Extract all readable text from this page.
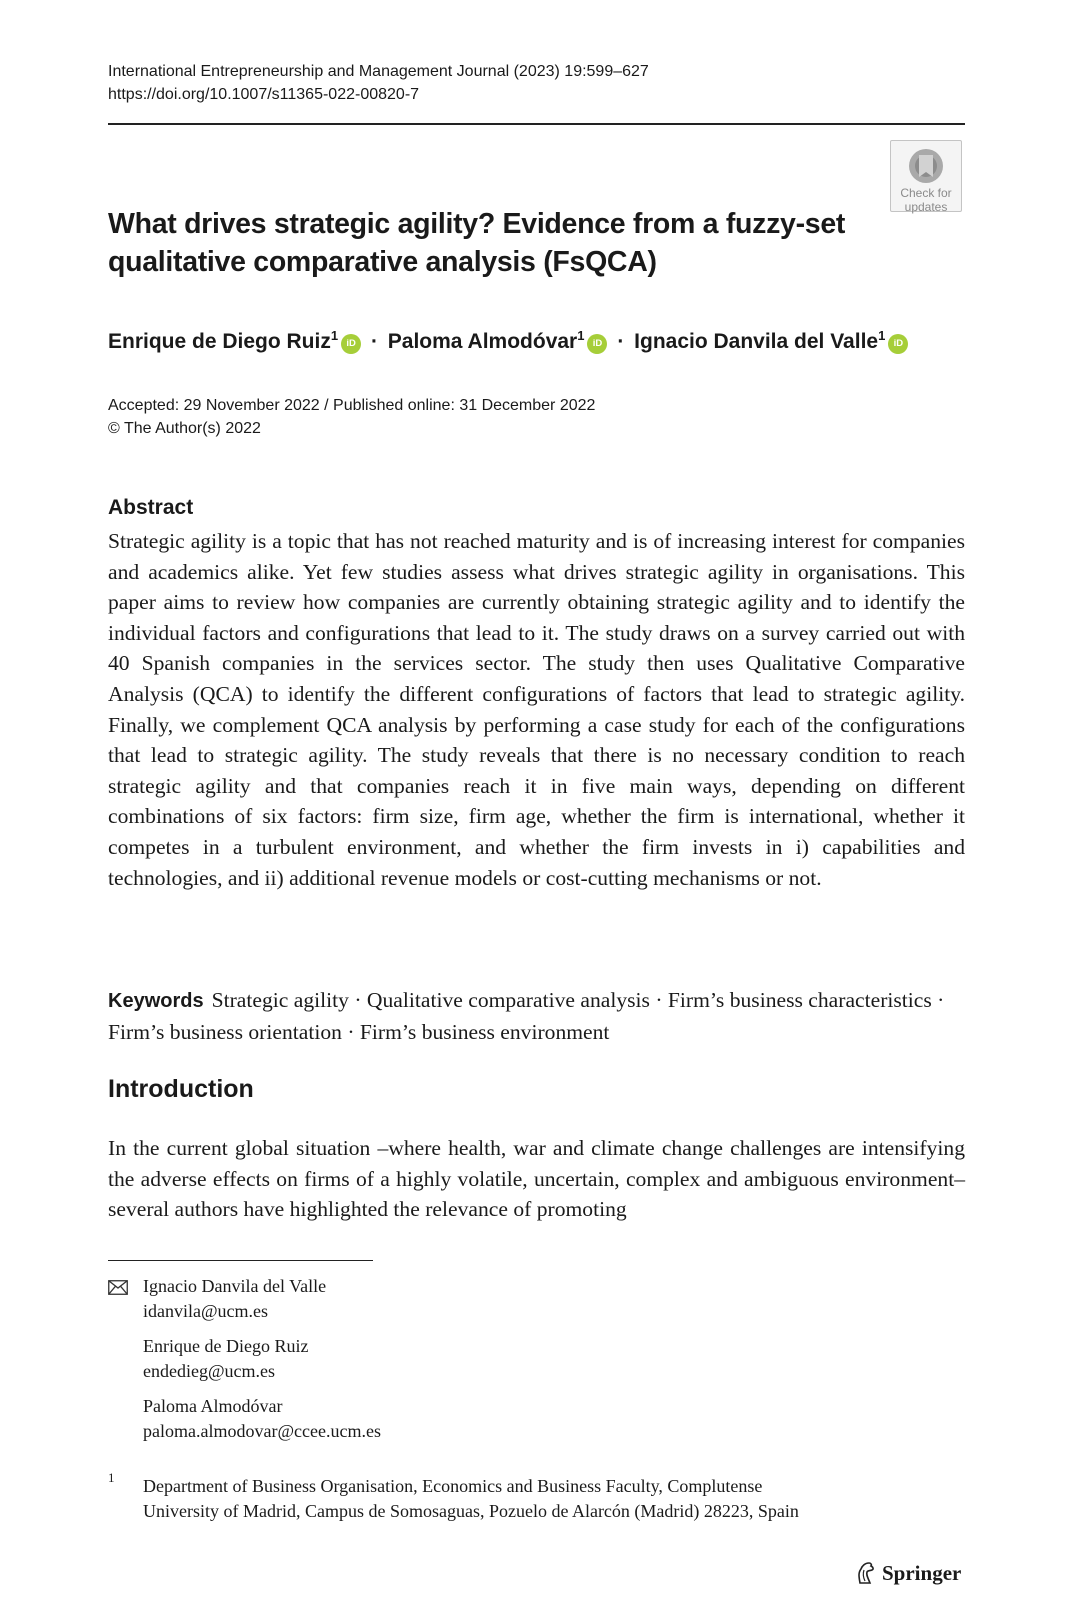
International Entrepreneurship and Management Journal (2023) 19:599–627
https://doi.org/10.1007/s11365-022-00820-7
Check for
updates
What drives strategic agility? Evidence from a fuzzy-set qualitative comparative analysis (FsQCA)
Enrique de Diego Ruiz$^1$iD · Paloma Almodóvar$^1$iD · Ignacio Danvila del Valle$^1$iD
Accepted: 29 November 2022 / Published online: 31 December 2022
© The Author(s) 2022
Abstract
Strategic agility is a topic that has not reached maturity and is of increasing interest for companies and academics alike. Yet few studies assess what drives strategic agility in organisations. This paper aims to review how companies are currently obtaining strategic agility and to identify the individual factors and configurations that lead to it. The study draws on a survey carried out with 40 Spanish companies in the services sector. The study then uses Qualitative Comparative Analysis (QCA) to identify the different configurations of factors that lead to strategic agility. Finally, we complement QCA analysis by performing a case study for each of the configurations that lead to strategic agility. The study reveals that there is no necessary condition to reach strategic agility and that companies reach it in five main ways, depending on different combinations of six factors: firm size, firm age, whether the firm is international, whether it competes in a turbulent environment, and whether the firm invests in i) capabilities and technologies, and ii) additional revenue models or cost-cutting mechanisms or not.
Keywords Strategic agility · Qualitative comparative analysis · Firm’s business characteristics · Firm’s business orientation · Firm’s business environment
Introduction
In the current global situation –where health, war and climate change challenges are intensifying the adverse effects on firms of a highly volatile, uncertain, complex and ambiguous environment– several authors have highlighted the relevance of promoting
Ignacio Danvila del Valle
idanvila@ucm.es
Enrique de Diego Ruiz
endedieg@ucm.es
Paloma Almodóvar
paloma.almodovar@ccee.ucm.es
1 Department of Business Organisation, Economics and Business Faculty, Complutense
University of Madrid, Campus de Somosaguas, Pozuelo de Alarcón (Madrid) 28223, Spain
Springer
